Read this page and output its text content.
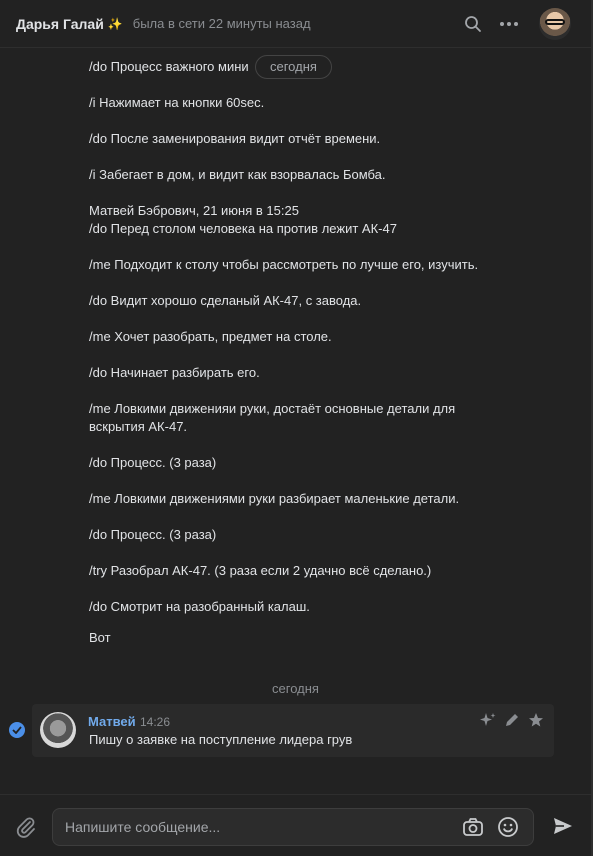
Дарья Галай ✨ была в сети 22 минуты назад
/do Процесс важного мини	сегодня
/i Нажимает на кнопки 60sec.
/do После заменирования видит отчёт времени.
/i Забегает в дом, и видит как взорвалась Бомба.
Матвей Бэбрович, 21 июня в 15:25
/do Перед столом человека на против лежит АК-47
/me Подходит к столу чтобы рассмотреть по лучше его, изучить.
/do Видит хорошо сделаный АК-47, с завода.
/me Хочет разобрать, предмет на столе.
/do Начинает разбирать его.
/me Ловкими движенияи руки, достаёт основные детали для
вскрытия АК-47.
/do Процесс. (3 раза)
/me Ловкими движениями руки разбирает маленькие детали.
/do Процесс. (3 раза)
/try Разобрал АК-47. (3 раза если 2 удачно всё сделано.)
/do Смотрит на разобранный калаш.
Вот
сегодня
Матвей 14:26
Пишу о заявке на поступление лидера грув
Напишите сообщение...
